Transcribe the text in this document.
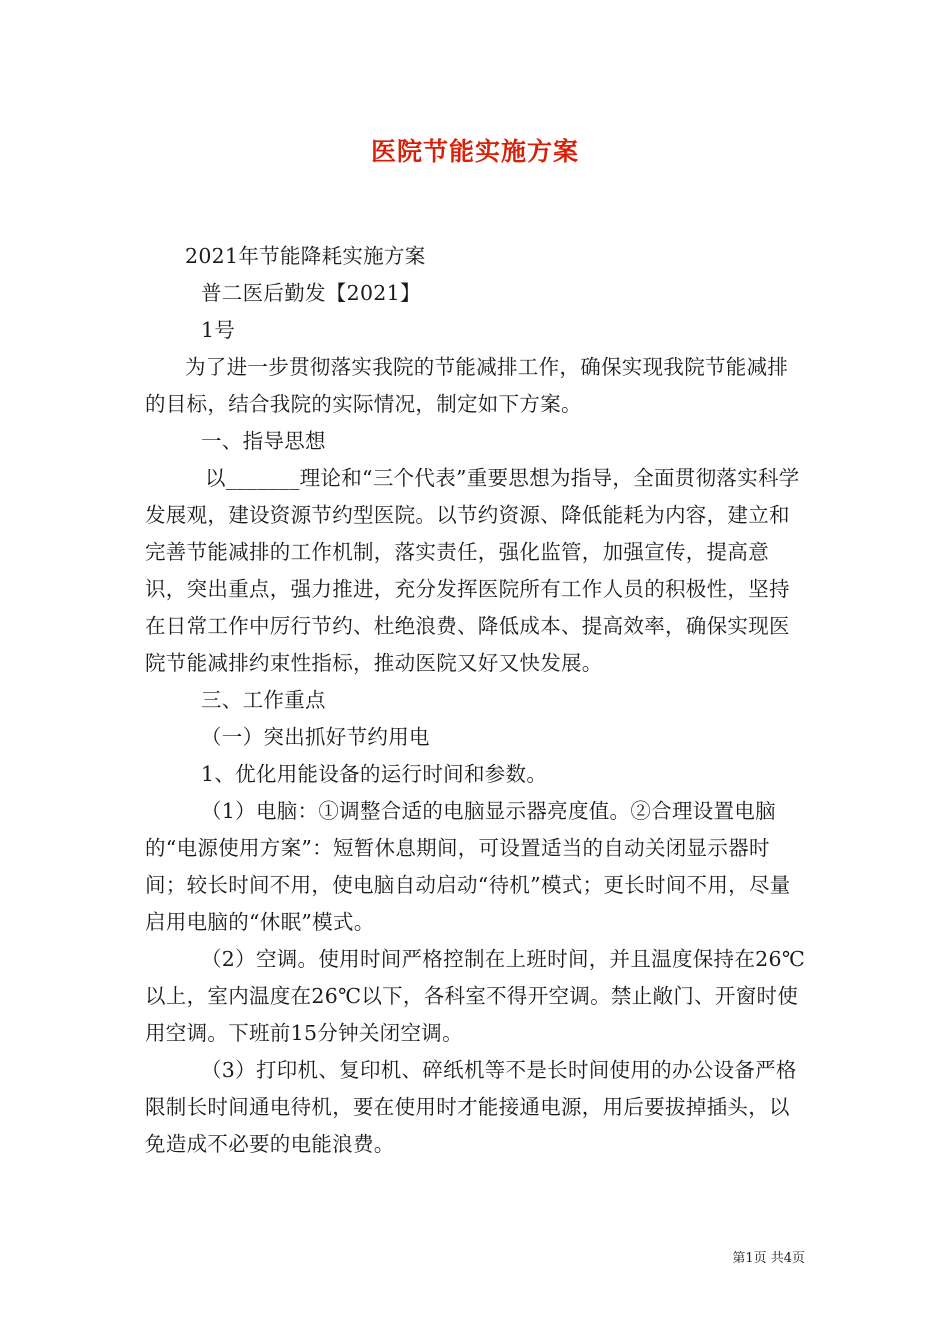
医院节能实施方案

2021年节能降耗实施方案

普二医后勤发【2021】

1号

为了进一步贯彻落实我院的节能减排工作，确保实现我院节能减排的目标，结合我院的实际情况，制定如下方案。

一、指导思想

以_______理论和“三个代表”重要思想为指导，全面贯彻落实科学发展观，建设资源节约型医院。以节约资源、降低能耗为内容，建立和完善节能减排的工作机制，落实责任，强化监管，加强宣传，提高意识，突出重点，强力推进，充分发挥医院所有工作人员的积极性，坚持在日常工作中厉行节约、杜绝浪费、降低成本、提高效率，确保实现医院节能减排约束性指标，推动医院又好又快发展。

三、工作重点

（一）突出抓好节约用电

1、优化用能设备的运行时间和参数。

（1）电脑：①调整合适的电脑显示器亮度值。②合理设置电脑的“电源使用方案”：短暂休息期间，可设置适当的自动关闭显示器时间；较长时间不用，使电脑自动启动“待机”模式；更长时间不用，尽量启用电脑的“休眠”模式。

（2）空调。使用时间严格控制在上班时间，并且温度保持在26℃以上，室内温度在26℃以下，各科室不得开空调。禁止敞门、开窗时使用空调。下班前15分钟关闭空调。

（3）打印机、复印机、碎纸机等不是长时间使用的办公设备严格限制长时间通电待机，要在使用时才能接通电源，用后要拔掉插头，以免造成不必要的电能浪费。

第1页 共4页
